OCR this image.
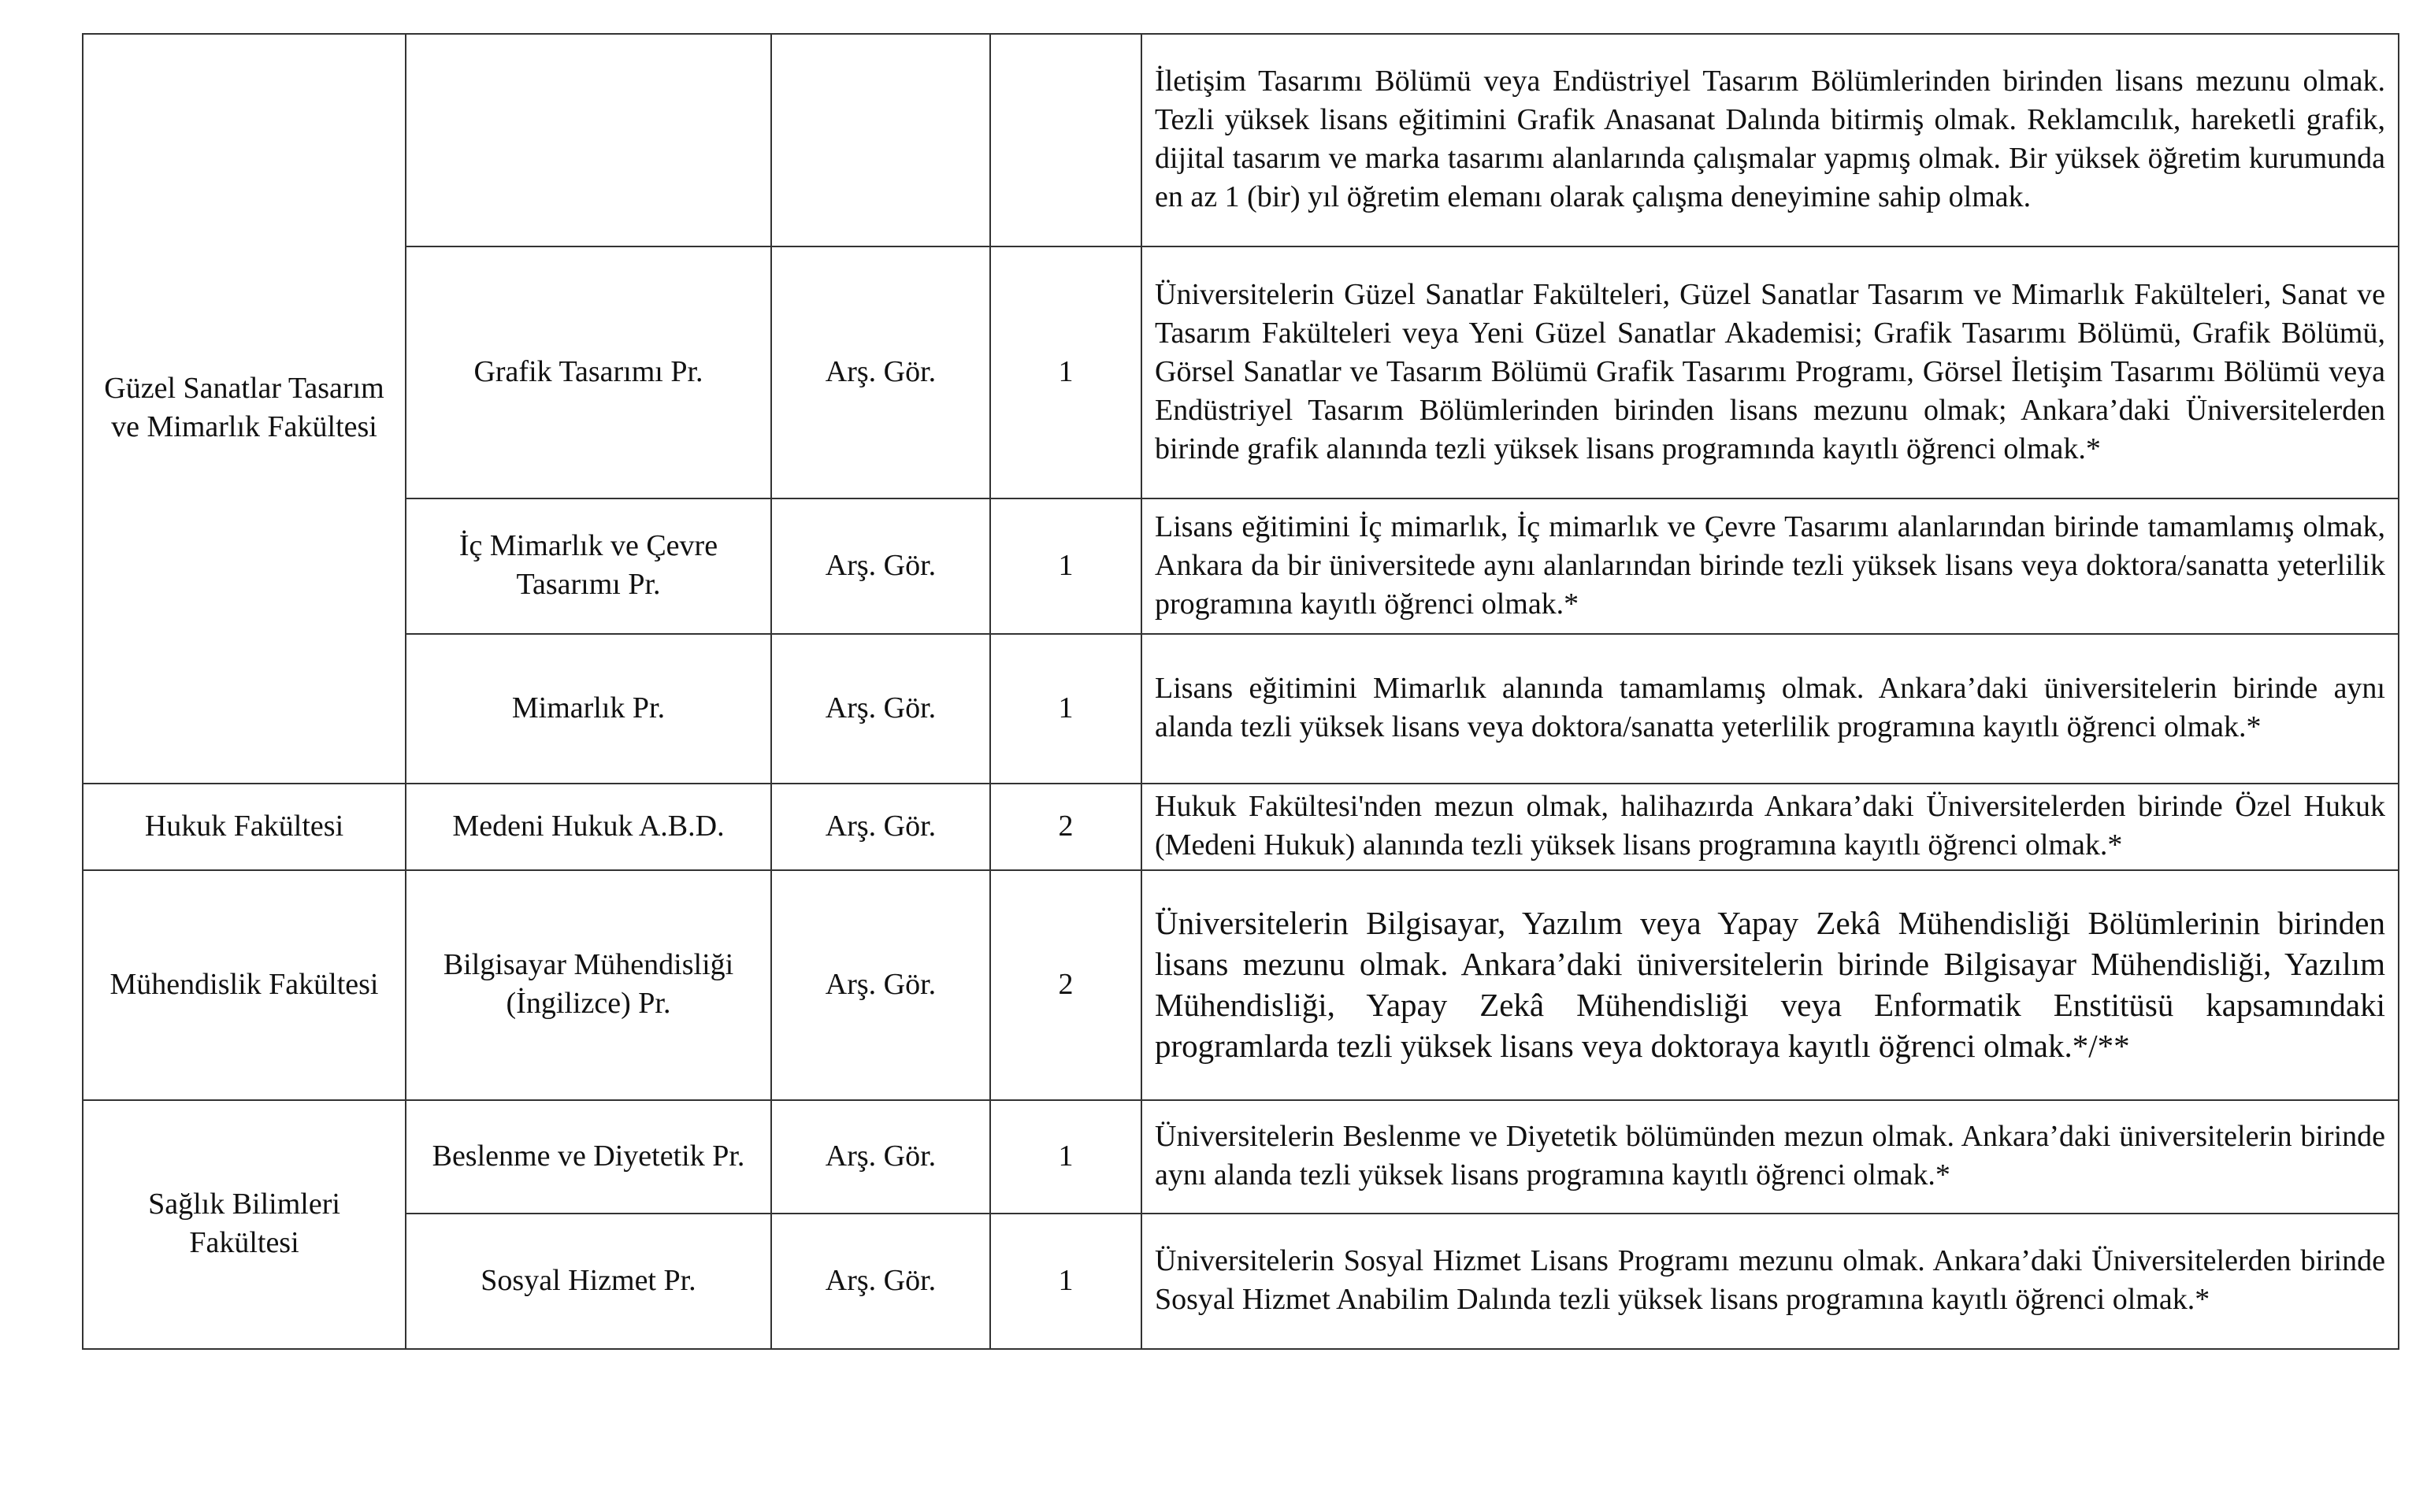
Güzel Sanatlar Tasarım ve Mimarlık Fakültesi				İletişim Tasarımı Bölümü veya Endüstriyel Tasarım Bölümlerinden birinden lisans mezunu olmak. Tezli yüksek lisans eğitimini Grafik Anasanat Dalında bitirmiş olmak. Reklamcılık, hareketli grafik, dijital tasarım ve marka tasarımı alanlarında çalışmalar yapmış olmak. Bir yüksek öğretim kurumunda en az 1 (bir) yıl öğretim elemanı olarak çalışma deneyimine sahip olmak.
	Grafik Tasarımı Pr.	Arş. Gör.	1	Üniversitelerin Güzel Sanatlar Fakülteleri, Güzel Sanatlar Tasarım ve Mimarlık Fakülteleri, Sanat ve Tasarım Fakülteleri veya Yeni Güzel Sanatlar Akademisi; Grafik Tasarımı Bölümü, Grafik Bölümü, Görsel Sanatlar ve Tasarım Bölümü Grafik Tasarımı Programı, Görsel İletişim Tasarımı Bölümü veya Endüstriyel Tasarım Bölümlerinden birinden lisans mezunu olmak; Ankara’daki Üniversitelerden birinde grafik alanında tezli yüksek lisans programında kayıtlı öğrenci olmak.*
	İç Mimarlık ve Çevre Tasarımı Pr.	Arş. Gör.	1	Lisans eğitimini İç mimarlık, İç mimarlık ve Çevre Tasarımı alanlarından birinde tamamlamış olmak, Ankara da bir üniversitede aynı alanlarından birinde tezli yüksek lisans veya doktora/sanatta yeterlilik programına kayıtlı öğrenci olmak.*
	Mimarlık Pr.	Arş. Gör.	1	Lisans eğitimini Mimarlık alanında tamamlamış olmak. Ankara’daki üniversitelerin birinde aynı alanda tezli yüksek lisans veya doktora/sanatta yeterlilik programına kayıtlı öğrenci olmak.*
Hukuk Fakültesi	Medeni Hukuk A.B.D.	Arş. Gör.	2	Hukuk Fakültesi'nden mezun olmak, halihazırda Ankara’daki Üniversitelerden birinde Özel Hukuk (Medeni Hukuk) alanında tezli yüksek lisans programına kayıtlı öğrenci olmak.*
Mühendislik Fakültesi	Bilgisayar Mühendisliği (İngilizce) Pr.	Arş. Gör.	2	Üniversitelerin Bilgisayar, Yazılım veya Yapay Zekâ Mühendisliği Bölümlerinin birinden lisans mezunu olmak. Ankara’daki üniversitelerin birinde Bilgisayar Mühendisliği, Yazılım Mühendisliği, Yapay Zekâ Mühendisliği veya Enformatik Enstitüsü kapsamındaki programlarda tezli yüksek lisans veya doktoraya kayıtlı öğrenci olmak.*/**
Sağlık Bilimleri Fakültesi	Beslenme ve Diyetetik Pr.	Arş. Gör.	1	Üniversitelerin Beslenme ve Diyetetik bölümünden mezun olmak. Ankara’daki üniversitelerin birinde aynı alanda tezli yüksek lisans programına kayıtlı öğrenci olmak.*
	Sosyal Hizmet Pr.	Arş. Gör.	1	Üniversitelerin Sosyal Hizmet Lisans Programı mezunu olmak. Ankara’daki Üniversitelerden birinde Sosyal Hizmet Anabilim Dalında tezli yüksek lisans programına kayıtlı öğrenci olmak.*
